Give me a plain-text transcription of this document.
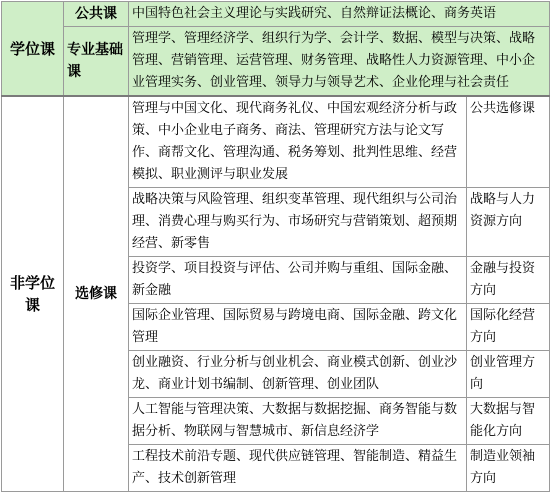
学位课	公共课	中国特色社会主义理论与实践研究、自然辩证法概论、商务英语	
	专业基础课	管理学、管理经济学、组织行为学、会计学、数据、模型与决策、战略管理、营销管理、运营管理、财务管理、战略性人力资源管理、中小企业管理实务、创业管理、领导力与领导艺术、企业伦理与社会责任	
非学位课	选修课	管理与中国文化、现代商务礼仪、中国宏观经济分析与政策、中小企业电子商务、商法、管理研究方法与论文写作、商帮文化、管理沟通、税务筹划、批判性思维、经营模拟、职业测评与职业发展	公共选修课
		战略决策与风险管理、组织变革管理、现代组织与公司治理、消费心理与购买行为、市场研究与营销策划、超预期经营、新零售	战略与人力资源方向
		投资学、项目投资与评估、公司并购与重组、国际金融、新金融	金融与投资方向
		国际企业管理、国际贸易与跨境电商、国际金融、跨文化管理	国际化经营方向
		创业融资、行业分析与创业机会、商业模式创新、创业沙龙、商业计划书编制、创新管理、创业团队	创业管理方向
		人工智能与管理决策、大数据与数据挖掘、商务智能与数据分析、物联网与智慧城市、新信息经济学	大数据与智能化方向
		工程技术前沿专题、现代供应链管理、智能制造、精益生产、技术创新管理	制造业领袖方向
